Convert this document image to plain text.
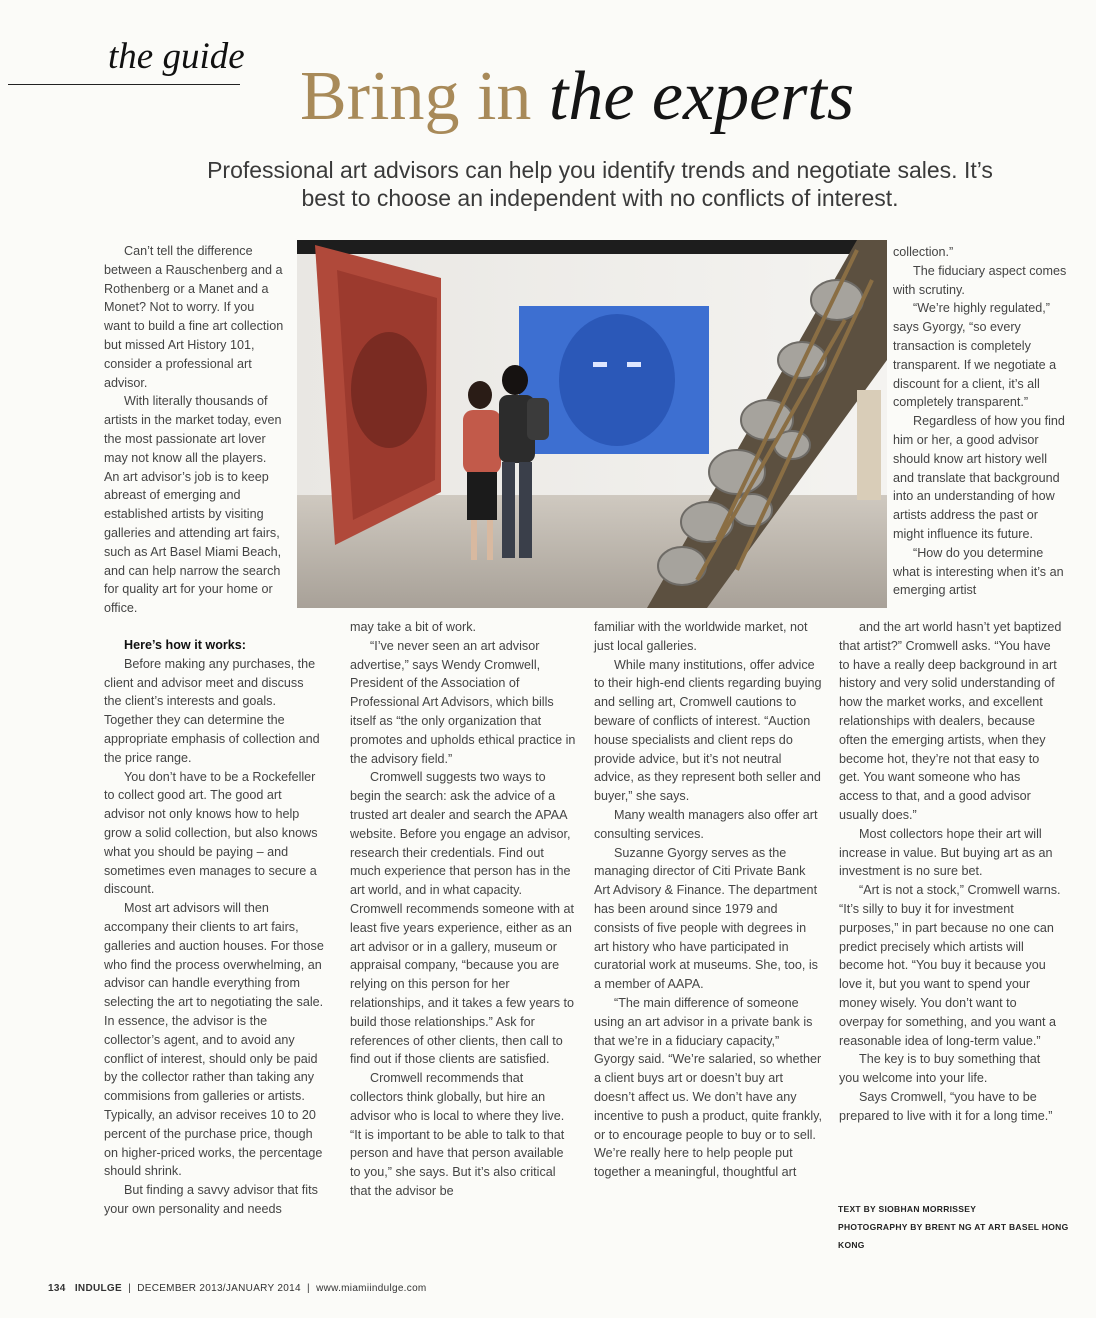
the guide
Bring in the experts
Professional art advisors can help you identify trends and negotiate sales. It’s best to choose an independent with no conflicts of interest.

Can’t tell the difference between a Rauschenberg and a Rothenberg or a Manet and a Monet? Not to worry. If you want to build a fine art collection but missed Art History 101, consider a professional art advisor.

With literally thousands of artists in the market today, even the most passionate art lover may not know all the players. An art advisor’s job is to keep abreast of emerging and established artists by visiting galleries and attending art fairs, such as Art Basel Miami Beach, and can help narrow the search for quality art for your home or office.

Here’s how it works:

Before making any purchases, the client and advisor meet and discuss the client’s interests and goals. Together they can determine the appropriate emphasis of collection and the price range.

You don’t have to be a Rockefeller to collect good art. The good art advisor not only knows how to help grow a solid collection, but also knows what you should be paying – and sometimes even manages to secure a discount.

Most art advisors will then accompany their clients to art fairs, galleries and auction houses. For those who find the process overwhelming, an advisor can handle everything from selecting the art to negotiating the sale. In essence, the advisor is the collector’s agent, and to avoid any conflict of interest, should only be paid by the collector rather than taking any commisions from galleries or artists. Typically, an advisor receives 10 to 20 percent of the purchase price, though on higher-priced works, the percentage should shrink.

But finding a savvy advisor that fits your own personality and needs

may take a bit of work.

“I’ve never seen an art advisor advertise,” says Wendy Cromwell, President of the Association of Professional Art Advisors, which bills itself as “the only organization that promotes and upholds ethical practice in the advisory field.”

Cromwell suggests two ways to begin the search: ask the advice of a trusted art dealer and search the APAA website. Before you engage an advisor, research their credentials. Find out much experience that person has in the art world, and in what capacity. Cromwell recommends someone with at least five years experience, either as an art advisor or in a gallery, museum or appraisal company, “because you are relying on this person for her relationships, and it takes a few years to build those relationships.” Ask for references of other clients, then call to find out if those clients are satisfied.

Cromwell recommends that collectors think globally, but hire an advisor who is local to where they live. “It is important to be able to talk to that person and have that person available to you,” she says. But it’s also critical that the advisor be

familiar with the worldwide market, not just local galleries.

While many institutions, offer advice to their high-end clients regarding buying and selling art, Cromwell cautions to beware of conflicts of interest. “Auction house specialists and client reps do provide advice, but it’s not neutral advice, as they represent both seller and buyer,” she says.

Many wealth managers also offer art consulting services.

Suzanne Gyorgy serves as the managing director of Citi Private Bank Art Advisory & Finance. The department has been around since 1979 and consists of five people with degrees in art history who have participated in curatorial work at museums. She, too, is a member of AAPA.

“The main difference of someone using an art advisor in a private bank is that we’re in a fiduciary capacity,” Gyorgy said. “We’re salaried, so whether a client buys art or doesn’t buy art doesn’t affect us. We don’t have any incentive to push a product, quite frankly, or to encourage people to buy or to sell. We’re really here to help people put together a meaningful, thoughtful art

collection.”

The fiduciary aspect comes with scrutiny.

“We’re highly regulated,” says Gyorgy, “so every transaction is completely transparent. If we negotiate a discount for a client, it’s all completely transparent.”

Regardless of how you find him or her, a good advisor should know art history well and translate that background into an understanding of how artists address the past or might influence its future.

“How do you determine what is interesting when it’s an emerging artist

and the art world hasn’t yet baptized that artist?” Cromwell asks. “You have to have a really deep background in art history and very solid understanding of how the market works, and excellent relationships with dealers, because often the emerging artists, when they become hot, they’re not that easy to get. You want someone who has access to that, and a good advisor usually does.”

Most collectors hope their art will increase in value. But buying art as an investment is no sure bet.

“Art is not a stock,” Cromwell warns. “It’s silly to buy it for investment purposes,” in part because no one can predict precisely which artists will become hot. “You buy it because you love it, but you want to spend your money wisely. You don’t want to overpay for something, and you want a reasonable idea of long-term value.”

The key is to buy something that you welcome into your life.

Says Cromwell, “you have to be prepared to live with it for a long time.”

TEXT BY SIOBHAN MORRISSEY
PHOTOGRAPHY BY BRENT NG AT ART BASEL HONG KONG
134 INDULGE  |  DECEMBER 2013/JANUARY 2014  |  www.miamiindulge.com
